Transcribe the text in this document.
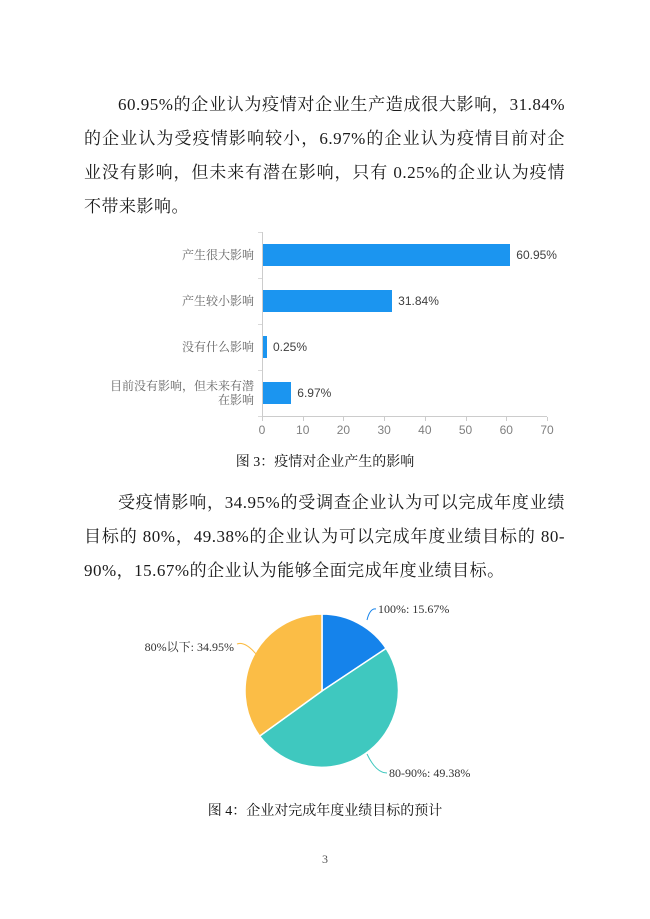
60.95%的企业认为疫情对企业生产造成很大影响，31.84%的企业认为受疫情影响较小，6.97%的企业认为疫情目前对企业没有影响，但未来有潜在影响，只有 0.25%的企业认为疫情不带来影响。

产生很大影响	60.95%
产生较小影响	31.84%
没有什么影响	0.25%
目前没有影响，但未来有潜在影响	6.97%
0	10 20 30 40 50 60 70

图 3：疫情对企业产生的影响

受疫情影响，34.95%的受调查企业认为可以完成年度业绩目标的 80%，49.38%的企业认为可以完成年度业绩目标的 80-90%，15.67%的企业认为能够全面完成年度业绩目标。

100%: 15.67%
80-90%: 49.38%
80%以下: 34.95%

图 4：企业对完成年度业绩目标的预计

3
